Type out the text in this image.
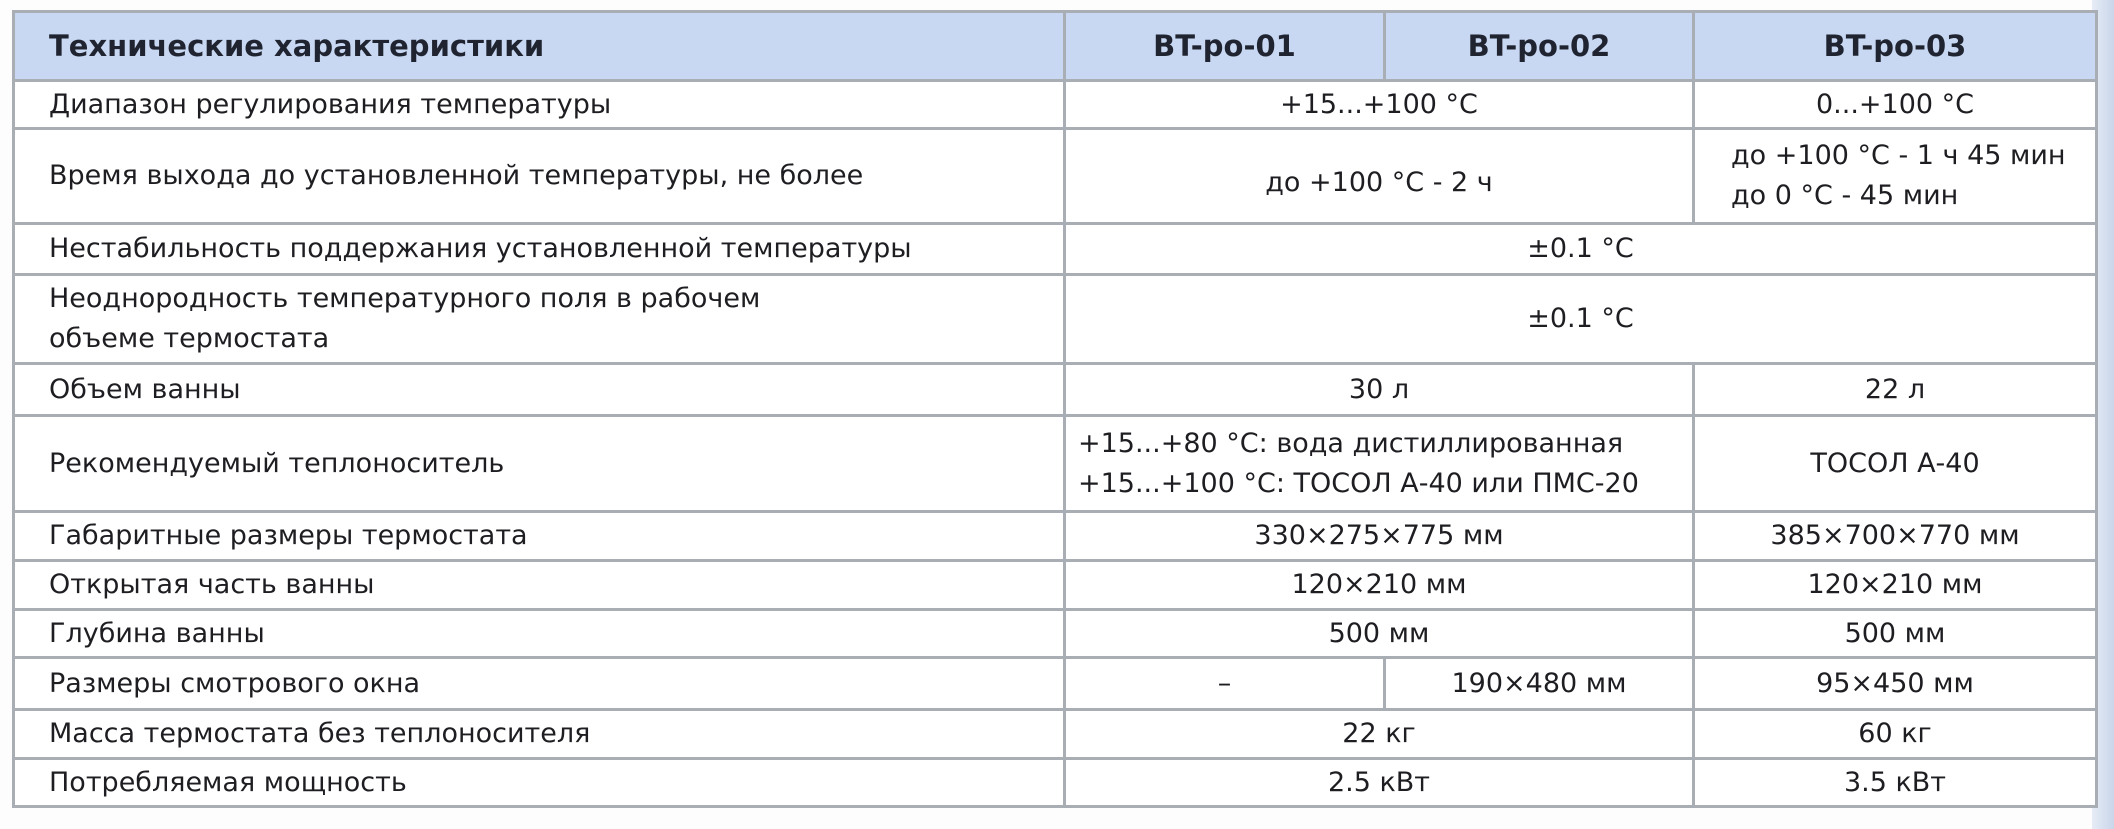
Технические характеристики	BT-ро-01	BT-ро-02	BT-ро-03
Диапазон регулирования температуры	+15...+100 °C		0...+100 °C
Время выхода до установленной температуры, не более	до +100 °C - 2 ч		до +100 °C - 1 ч 45 мин
до 0 °C - 45 мин

Нестабильность поддержания установленной температуры	±0.1 °C		

Неоднородность температурного поля в рабочем
объеме термостата	±0.1 °C		
Объем ванны	30 л		22 л
Рекомендуемый теплоноситель	+15...+80 °C: вода дистиллированная
+15...+100 °C: ТОСОЛ А-40 или ПМС-20		ТОСОЛ А-40
Габаритные размеры термостата	330×275×775 мм		385×700×770 мм
Открытая часть ванны	120×210 мм		120×210 мм
Глубина ванны	500 мм		500 мм
Размеры смотрового окна	–	190×480 мм	95×450 мм
Масса термостата без теплоносителя	22 кг		60 кг
Потребляемая мощность	2.5 кВт		3.5 кВт
